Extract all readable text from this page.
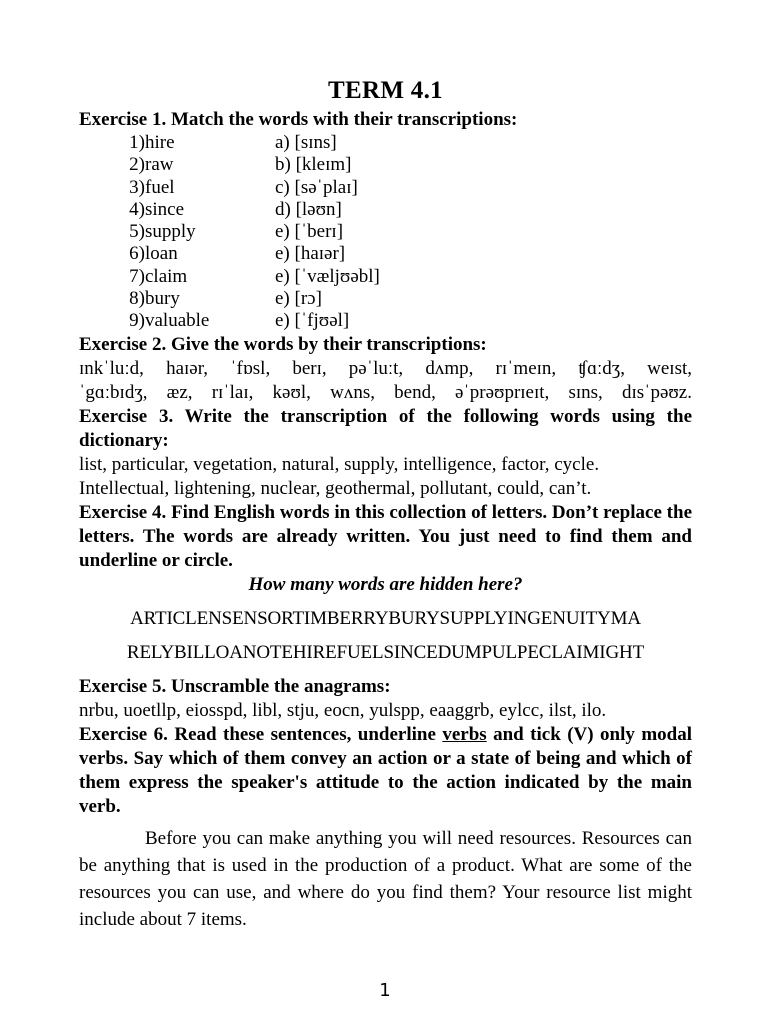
TERM 4.1

Exercise 1. Match the words with their transcriptions:

1)	hire	a) [sɪns]
2)	raw	b) [kleɪm]
3)	fuel	c) [səˈplaɪ]
4)	since	d) [ləʊn]
5)	supply	e) [ˈberɪ]
6)	loan	e) [haɪər]
7)	claim	e) [ˈvæljʊəbl]
8)	bury	e) [rɔ]
9)	valuable	e) [ˈfjʊəl]

Exercise 2. Give the words by their transcriptions:

ɪnkˈluːd, haɪər, ˈfɒsl, berɪ, pəˈluːt, dʌmp, rɪˈmeɪn, ʧɑːdʒ, weɪst,

ˈgɑːbɪdʒ, æz, rɪˈlaɪ, kəʊl, wʌns, bend, əˈprəʊprɪeɪt, sɪns, dɪsˈpəʊz.

Exercise 3. Write the transcription of the following words using the dictionary:

list, particular, vegetation, natural, supply, intelligence, factor, cycle.

Intellectual, lightening, nuclear, geothermal, pollutant, could, can’t.

Exercise 4. Find English words in this collection of letters. Don’t replace the letters. The words are already written. You just need to find them and underline or circle.

How many words are hidden here?

ARTICLENSENSORTIMBERRYBURYSUPPLYINGENUITYMA

RELYBILLOANOTEHIREFUELSINCEDUMPULPECLAIMIGHT

Exercise 5. Unscramble the anagrams:

nrbu, uoetllp, eiosspd, libl, stju, eocn, yulspp, eaaggrb, eylcc, ilst, ilo.

Exercise 6. Read these sentences, underline verbs and tick (V) only modal verbs. Say which of them convey an action or a state of being and which of them express the speaker's attitude to the action indicated by the main verb.

Before you can make anything you will need resources. Resources can be anything that is used in the production of a product. What are some of the resources you can use, and where do you find them? Your resource list might include about 7 items.

1
